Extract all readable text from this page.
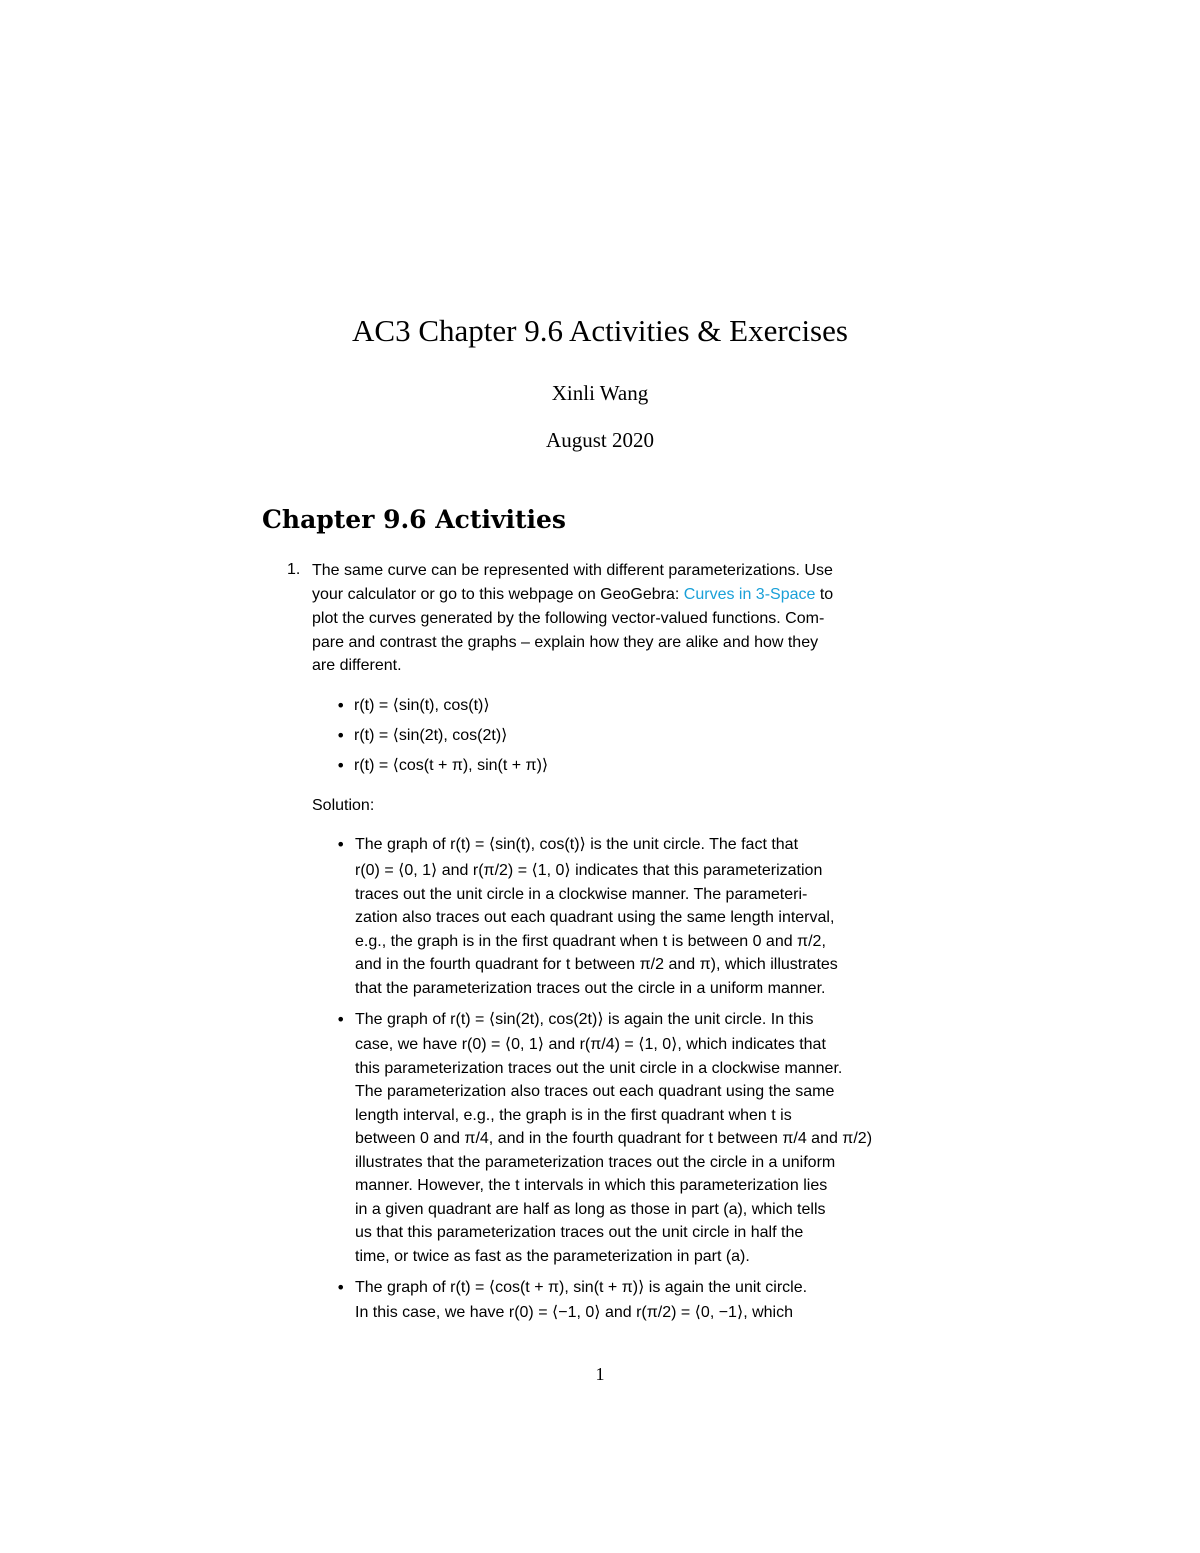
AC3 Chapter 9.6 Activities & Exercises
Xinli Wang
August 2020
Chapter 9.6 Activities
1. The same curve can be represented with different parameterizations. Use
your calculator or go to this webpage on GeoGebra: Curves in 3-Space to
plot the curves generated by the following vector-valued functions. Com-
pare and contrast the graphs – explain how they are alike and how they
are different.
• r(t) = ⟨sin(t), cos(t)⟩
• r(t) = ⟨sin(2t), cos(2t)⟩
• r(t) = ⟨cos(t + π), sin(t + π)⟩
Solution:
• The graph of r(t) = ⟨sin(t), cos(t)⟩ is the unit circle. The fact that
r(0) = ⟨0, 1⟩ and r(π/2) = ⟨1, 0⟩ indicates that this parameterization
traces out the unit circle in a clockwise manner. The parameteri-
zation also traces out each quadrant using the same length interval,
e.g., the graph is in the first quadrant when t is between 0 and π/2,
and in the fourth quadrant for t between π/2 and π), which illustrates
that the parameterization traces out the circle in a uniform manner.
• The graph of r(t) = ⟨sin(2t), cos(2t)⟩ is again the unit circle. In this
case, we have r(0) = ⟨0, 1⟩ and r(π/4) = ⟨1, 0⟩, which indicates that
this parameterization traces out the unit circle in a clockwise manner.
The parameterization also traces out each quadrant using the same
length interval, e.g., the graph is in the first quadrant when t is
between 0 and π/4, and in the fourth quadrant for t between π/4 and π/2)
illustrates that the parameterization traces out the circle in a uniform
manner. However, the t intervals in which this parameterization lies
in a given quadrant are half as long as those in part (a), which tells
us that this parameterization traces out the unit circle in half the
time, or twice as fast as the parameterization in part (a).
• The graph of r(t) = ⟨cos(t + π), sin(t + π)⟩ is again the unit circle.
In this case, we have r(0) = ⟨−1, 0⟩ and r(π/2) = ⟨0, −1⟩, which
1
